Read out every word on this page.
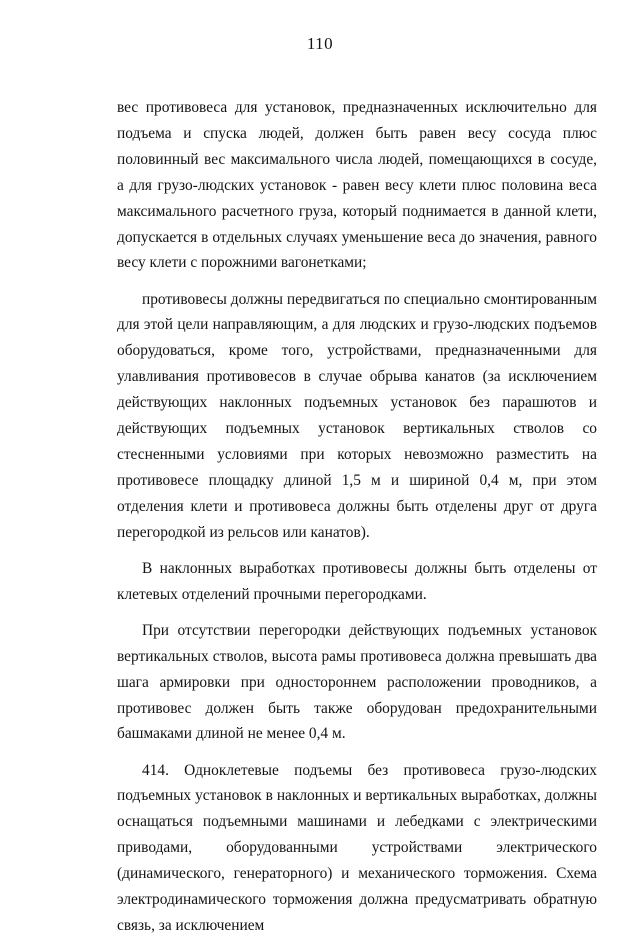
110

вес противовеса для установок, предназначенных исключительно для подъема и спуска людей, должен быть равен весу сосуда плюс половинный вес максимального числа людей, помещающихся в сосуде, а для грузо-людских установок - равен весу клети плюс половина веса максимального расчетного груза, который поднимается в данной клети, допускается в отдельных случаях уменьшение веса до значения, равного весу клети с порожними вагонетками;

противовесы должны передвигаться по специально смонтированным для этой цели направляющим, а для людских и грузо-людских подъемов оборудоваться, кроме того, устройствами, предназначенными для улавливания противовесов в случае обрыва канатов (за исключением действующих наклонных подъемных установок без парашютов и действующих подъемных установок вертикальных стволов со стесненными условиями при которых невозможно разместить на противовесе площадку длиной 1,5 м и шириной 0,4 м, при этом отделения клети и противовеса должны быть отделены друг от друга перегородкой из рельсов или канатов).

В наклонных выработках противовесы должны быть отделены от клетевых отделений прочными перегородками.

При отсутствии перегородки действующих подъемных установок вертикальных стволов, высота рамы противовеса должна превышать два шага армировки при одностороннем расположении проводников, а противовес должен быть также оборудован предохранительными башмаками длиной не менее 0,4 м.

414. Одноклетевые подъемы без противовеса грузо-людских подъемных установок в наклонных и вертикальных выработках, должны оснащаться подъемными машинами и лебедками с электрическими приводами, оборудованными устройствами электрического (динамического, генераторного) и механического торможения. Схема электродинамического торможения должна предусматривать обратную связь, за исключением
